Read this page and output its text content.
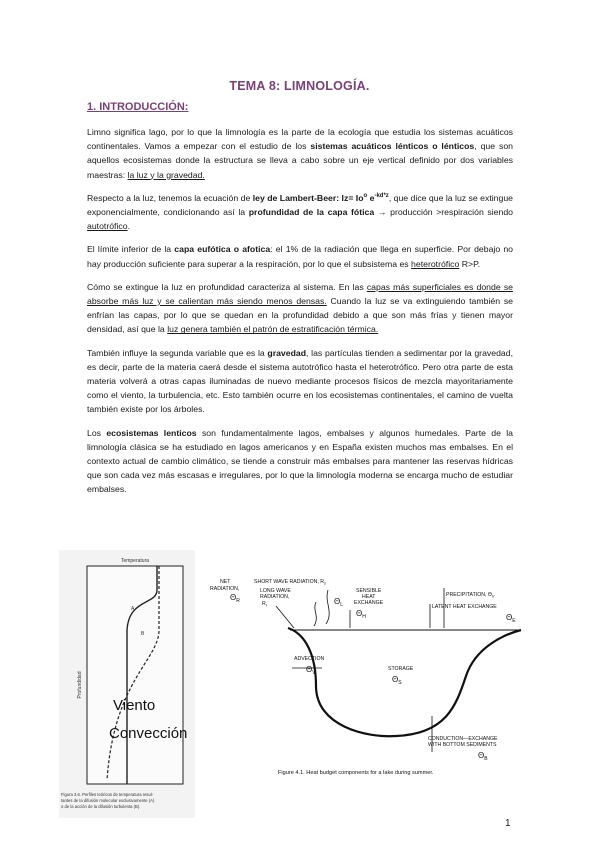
TEMA 8: LIMNOLOGÍA.
1. INTRODUCCIÓN:

Limno significa lago, por lo que la limnología es la parte de la ecología que estudia los sistemas acuáticos continentales. Vamos a empezar con el estudio de los sistemas acuáticos lénticos o lénticos, que son aquellos ecosistemas donde la estructura se lleva a cabo sobre un eje vertical definido por dos variables maestras: la luz y la gravedad.

Respecto a la luz, tenemos la ecuación de ley de Lambert-Beer: $Iz= Io^o$ $e^{-kd*z}$, que dice que la luz se extingue exponencialmente, condicionando así la profundidad de la capa fótica → producción >respiración siendo autotrófico.

El límite inferior de la capa eufótica o afotica: el 1% de la radiación que llega en superficie. Por debajo no hay producción suficiente para superar a la respiración, por lo que el subsistema es heterotrófico R>P.

Cómo se extingue la luz en profundidad caracteriza al sistema. En las capas más superficiales es donde se absorbe más luz y se calientan más siendo menos densas. Cuando la luz se va extinguiendo también se enfrían las capas, por lo que se quedan en la profundidad debido a que son más frías y tienen mayor densidad, así que la luz genera también el patrón de estratificación térmica.

También influye la segunda variable que es la gravedad, las partículas tienden a sedimentar por la gravedad, es decir, parte de la materia caerá desde el sistema autotrófico hasta el heterotrófico. Pero otra parte de esta materia volverá a otras capas iluminadas de nuevo mediante procesos físicos de mezcla mayoritariamente como el viento, la turbulencia, etc. Esto también ocurre en los ecosistemas continentales, el camino de vuelta también existe por los árboles.

Los ecosistemas lenticos son fundamentalmente lagos, embalses y algunos humedales. Parte de la limnología clásica se ha estudiado en lagos americanos y en España existen muchos mas embalses. En el contexto actual de cambio climático, se tiende a construir más embalses para mantener las reservas hídricas que son cada vez más escasas e irregulares, por lo que la limnología moderna se encarga mucho de estudiar embalses.

Temperatura
Profundidad
A
B
Viento
Convección
Figura 3.6. Perfiles teóricos de temperatura resul-
tantes de la difusión molecular exclusivamente (A)
o de la acción de la difusión turbulenta (B).
NET
RADIATION,
$\Theta_R$
SHORT WAVE RADIATION, $R_s$
LONG WAVE
RADIATION,
$R_l$	$\Theta_L$
SENSIBLE
HEAT
EXCHANGE
$\Theta_H$
PRECIPITATION, $\Theta_V$
LATENT HEAT EXCHANGE
$\Theta_E$
ADVECTION
$\Theta_V$
STORAGE
$\Theta_S$
CONDUCTION—EXCHANGE
WITH BOTTOM SEDIMENTS
$\Theta_B$
Figure 4.1. Heat budget components for a lake during summer.
1
